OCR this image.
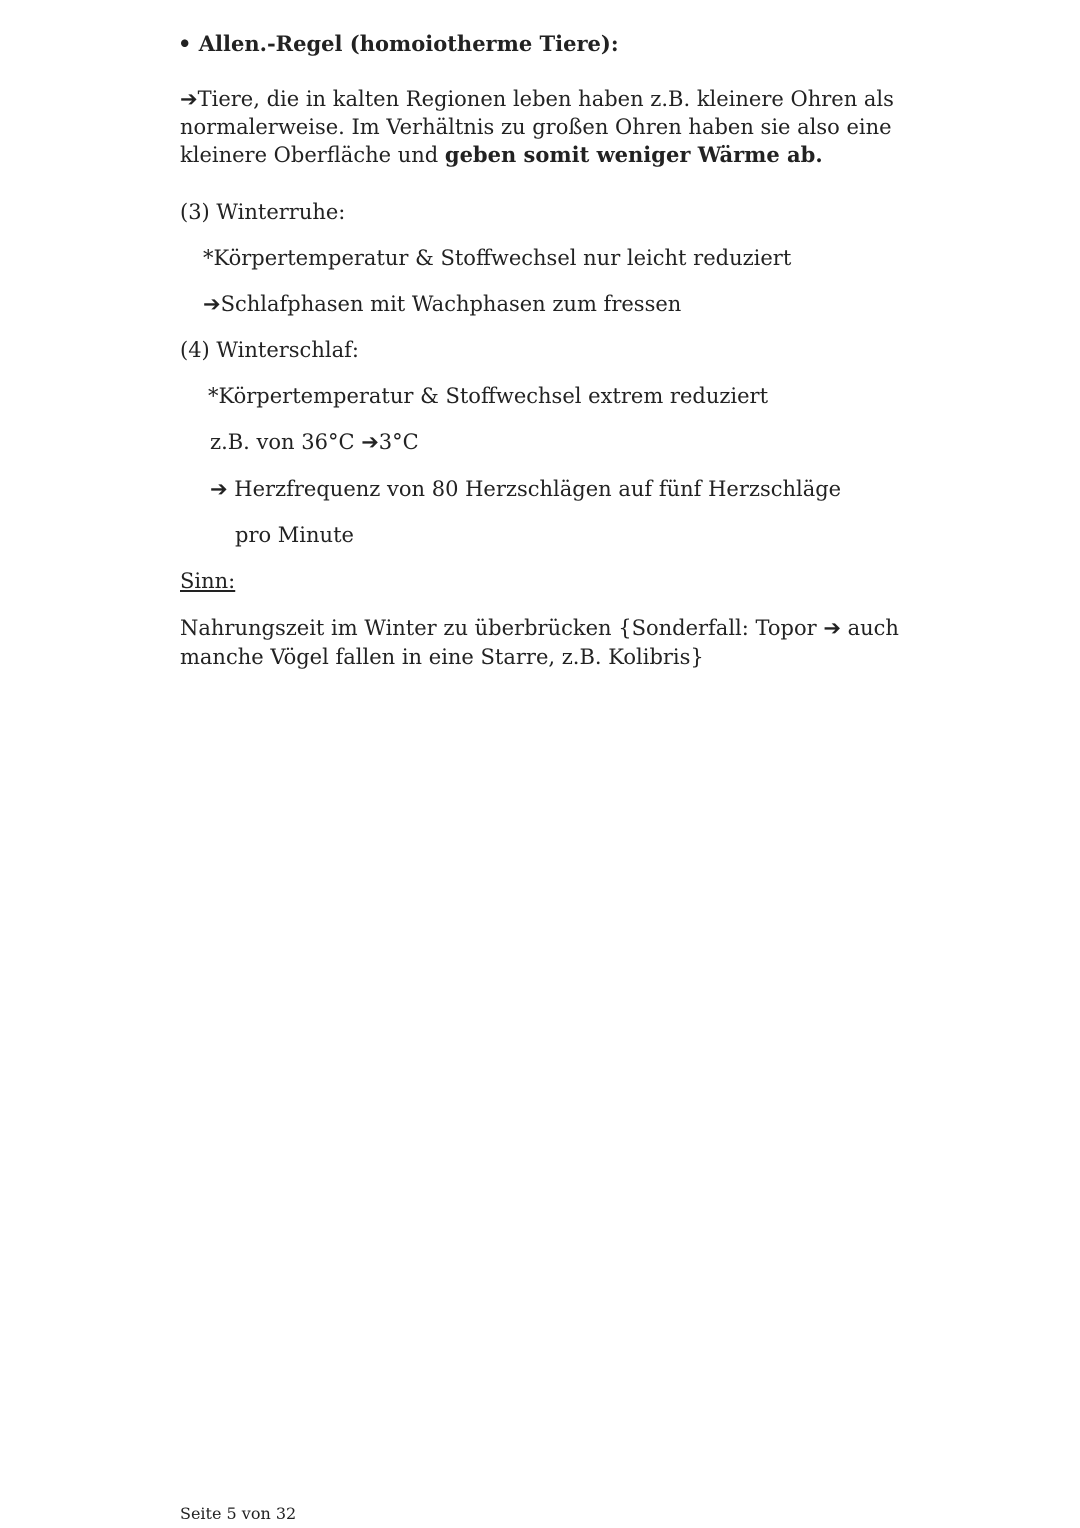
• Allen.-Regel (homoiotherme Tiere):
➔Tiere, die in kalten Regionen leben haben z.B. kleinere Ohren als
normalerweise. Im Verhältnis zu großen Ohren haben sie also eine
kleinere Oberfläche und geben somit weniger Wärme ab.
(3) Winterruhe:
*Körpertemperatur & Stoffwechsel nur leicht reduziert
➔Schlafphasen mit Wachphasen zum fressen
(4) Winterschlaf:
*Körpertemperatur & Stoffwechsel extrem reduziert
z.B. von 36°C ➔3°C
➔ Herzfrequenz von 80 Herzschlägen auf fünf Herzschläge
pro Minute
Sinn:
Nahrungszeit im Winter zu überbrücken {Sonderfall: Topor ➔ auch
manche Vögel fallen in eine Starre, z.B. Kolibris}
Seite 5 von 32
